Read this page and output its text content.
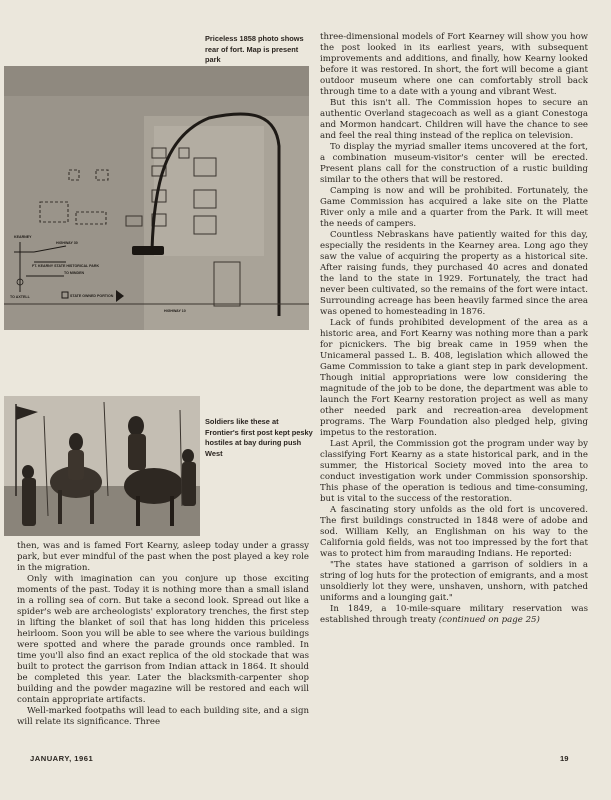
Priceless 1858 photo shows rear of fort. Map is present park
KEARNEY
HIGHWAY 30
FT. KEARNY STATE HISTORICAL PARK
TO MINDEN
TO AXTELL	STATE OWNED PORTION
HIGHWAY 10
Soldiers like these at Frontier's first post kept pesky hostiles at bay during push West

then, was and is famed Fort Kearny, asleep today under a grassy park, but ever mindful of the past when the post played a key role in the migration.

Only with imagination can you conjure up those exciting moments of the past. Today it is nothing more than a small island in a rolling sea of corn. But take a second look. Spread out like a spider's web are archeologists' exploratory trenches, the first step in lifting the blanket of soil that has long hidden this priceless heirloom. Soon you will be able to see where the various buildings were spotted and where the parade grounds once rambled. In time you'll also find an exact replica of the old stockade that was built to protect the garrison from Indian attack in 1864. It should be completed this year. Later the blacksmith-carpenter shop building and the powder magazine will be restored and each will contain appropriate artifacts.

Well-marked footpaths will lead to each building site, and a sign will relate its significance. Three

three-dimensional models of Fort Kearney will show you how the post looked in its earliest years, with subsequent improvements and additions, and finally, how Kearny looked before it was restored. In short, the fort will become a giant outdoor museum where one can comfortably stroll back through time to a date with a young and vibrant West.

But this isn't all. The Commission hopes to secure an authentic Overland stagecoach as well as a giant Conestoga and Mormon handcart. Children will have the chance to see and feel the real thing instead of the replica on television.

To display the myriad smaller items uncovered at the fort, a combination museum-visitor's center will be erected. Present plans call for the construction of a rustic building similar to the others that will be restored.

Camping is now and will be prohibited. Fortunately, the Game Commission has acquired a lake site on the Platte River only a mile and a quarter from the Park. It will meet the needs of campers.

Countless Nebraskans have patiently waited for this day, especially the residents in the Kearney area. Long ago they saw the value of acquiring the property as a historical site. After raising funds, they purchased 40 acres and donated the land to the state in 1929. Fortunately, the tract had never been cultivated, so the remains of the fort were intact. Surrounding acreage has been heavily farmed since the area was opened to homesteading in 1876.

Lack of funds prohibited development of the area as a historic area, and Fort Kearny was nothing more than a park for picnickers. The big break came in 1959 when the Unicameral passed L. B. 408, legislation which allowed the Game Commission to take a giant step in park development. Though initial appropriations were low considering the magnitude of the job to be done, the department was able to launch the Fort Kearny restoration project as well as many other needed park and recreation-area development programs. The Warp Foundation also pledged help, giving impetus to the restoration.

Last April, the Commission got the program under way by classifying Fort Kearny as a state historical park, and in the summer, the Historical Society moved into the area to conduct investigation work under Commission sponsorship. This phase of the operation is tedious and time-consuming, but is vital to the success of the restoration.

A fascinating story unfolds as the old fort is uncovered. The first buildings constructed in 1848 were of adobe and sod. William Kelly, an Englishman on his way to the California gold fields, was not too impressed by the fort that was to protect him from marauding Indians. He reported:

"The states have stationed a garrison of soldiers in a string of log huts for the protection of emigrants, and a most unsoldierly lot they were, unshaven, unshorn, with patched uniforms and a lounging gait."

In 1849, a 10-mile-square military reservation was established through treaty (continued on page 25)

JANUARY, 1961	19
